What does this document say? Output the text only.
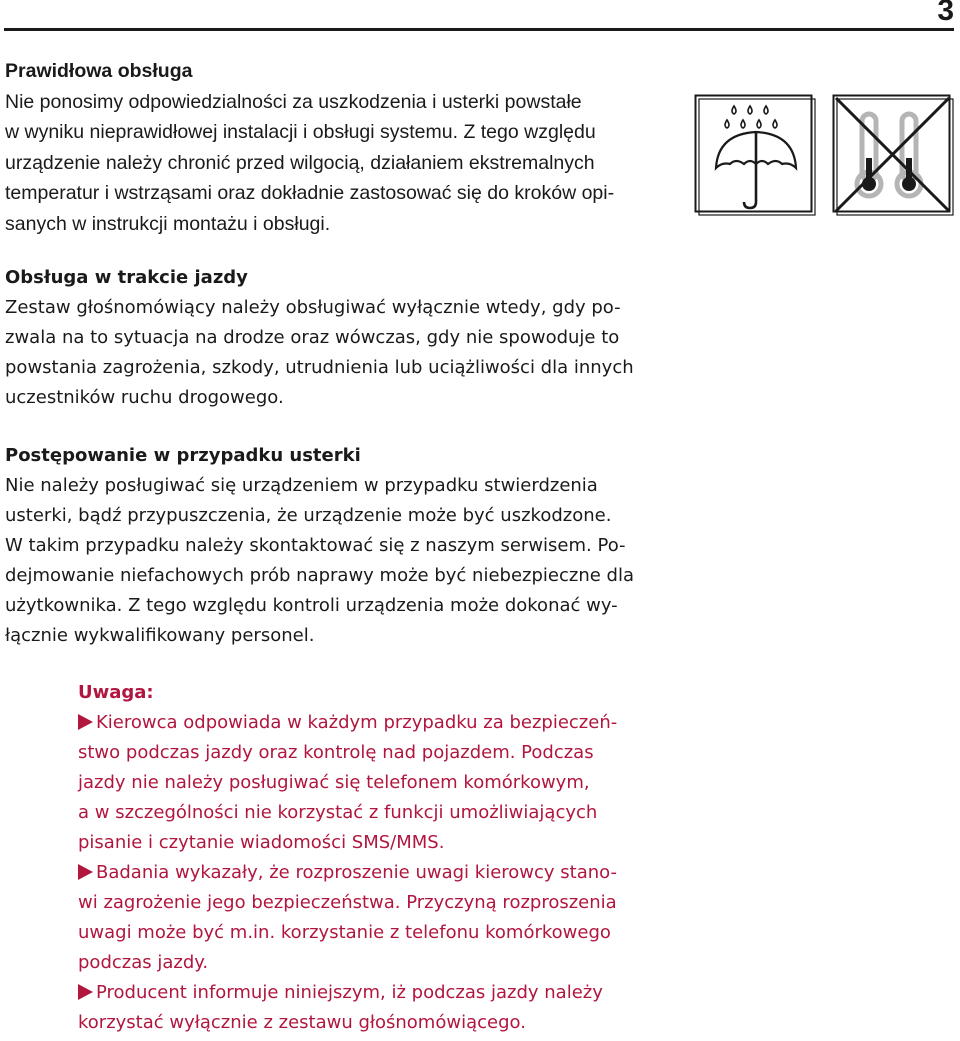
3

Prawidłowa obsługa

Nie ponosimy odpowiedzialności za uszkodzenia i usterki powstałe
w wyniku nieprawidłowej instalacji i obsługi systemu. Z tego względu
urządzenie należy chronić przed wilgocią, działaniem ekstremalnych
temperatur i wstrząsami oraz dokładnie zastosować się do kroków opi-
sanych w instrukcji montażu i obsługi.

Obsługa w trakcie jazdy

Zestaw głośnomówiący należy obsługiwać wyłącznie wtedy, gdy po-
zwala na to sytuacja na drodze oraz wówczas, gdy nie spowoduje to
powstania zagrożenia, szkody, utrudnienia lub uciążliwości dla innych
uczestników ruchu drogowego.

Postępowanie w przypadku usterki

Nie należy posługiwać się urządzeniem w przypadku stwierdzenia
usterki, bądź przypuszczenia, że urządzenie może być uszkodzone.
W takim przypadku należy skontaktować się z naszym serwisem. Po-
dejmowanie niefachowych prób naprawy może być niebezpieczne dla
użytkownika. Z tego względu kontroli urządzenia może dokonać wy-
łącznie wykwalifikowany personel.

Uwaga:

Kierowca odpowiada w każdym przypadku za bezpieczeń-
stwo podczas jazdy oraz kontrolę nad pojazdem. Podczas
jazdy nie należy posługiwać się telefonem komórkowym,
a w szczególności nie korzystać z funkcji umożliwiających
pisanie i czytanie wiadomości SMS/MMS.
Badania wykazały, że rozproszenie uwagi kierowcy stano-
wi zagrożenie jego bezpieczeństwa. Przyczyną rozproszenia
uwagi może być m.in. korzystanie z telefonu komórkowego
podczas jazdy.
Producent informuje niniejszym, iż podczas jazdy należy
korzystać wyłącznie z zestawu głośnomówiącego.
